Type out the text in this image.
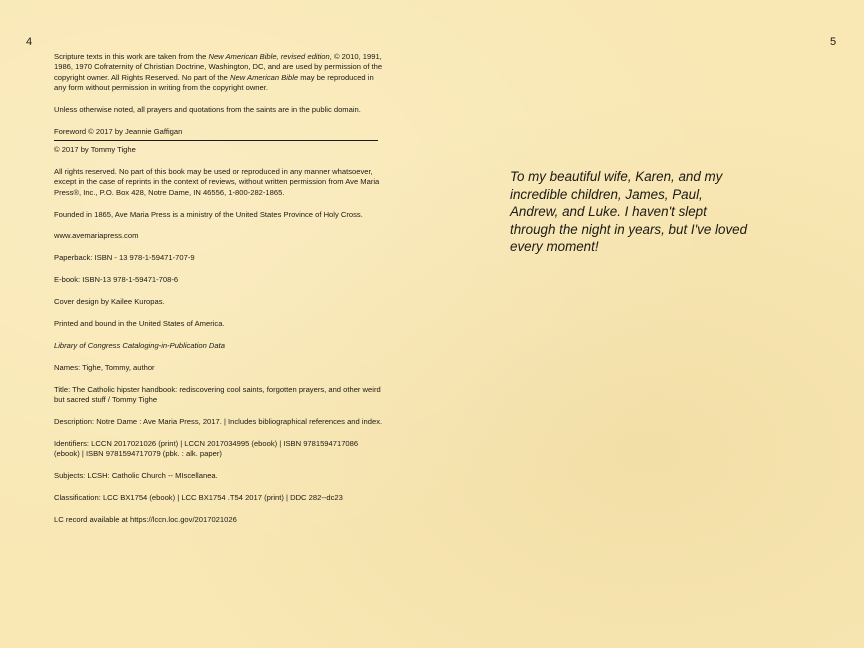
4	5

Scripture texts in this work are taken from the New American Bible, revised edition, © 2010, 1991, 1986, 1970 Cofraternity of Christian Doctrine, Washington, DC, and are used by permission of the copyright owner. All Rights Reserved. No part of the New American Bible may be reproduced in any form without permission in writing from the copyright owner.

Unless otherwise noted, all prayers and quotations from the saints are in the public domain.

Foreword © 2017 by Jeannie Gaffigan

© 2017 by Tommy Tighe

All rights reserved. No part of this book may be used or reproduced in any manner whatsoever, except in the case of reprints in the context of reviews, without written permission from Ave Maria Press®, Inc., P.O. Box 428, Notre Dame, IN 46556, 1-800-282-1865.

Founded in 1865, Ave Maria Press is a ministry of the United States Province of Holy Cross.

www.avemariapress.com

Paperback: ISBN - 13 978-1-59471-707-9

E-book: ISBN-13 978-1-59471-708-6

Cover design by Kailee Kuropas.

Printed and bound in the United States of America.

Library of Congress Cataloging-in-Publication Data

Names: Tighe, Tommy, author

Title: The Catholic hipster handbook: rediscovering cool saints, forgotten prayers, and other weird but sacred stuff / Tommy Tighe

Description: Notre Dame : Ave Maria Press, 2017. | Includes bibliographical references and index.

Identifiers: LCCN 2017021026 (print) | LCCN 2017034995 (ebook) | ISBN 9781594717086 (ebook) | ISBN 9781594717079 (pbk. : alk. paper)

Subjects: LCSH: Catholic Church -- MIscellanea.

Classification: LCC BX1754 (ebook) | LCC BX1754 .T54 2017 (print) | DDC 282--dc23

LC record available at https://lccn.loc.gov/2017021026

To my beautiful wife, Karen, and my incredible children, James, Paul, Andrew, and Luke. I haven't slept through the night in years, but I've loved every moment!
